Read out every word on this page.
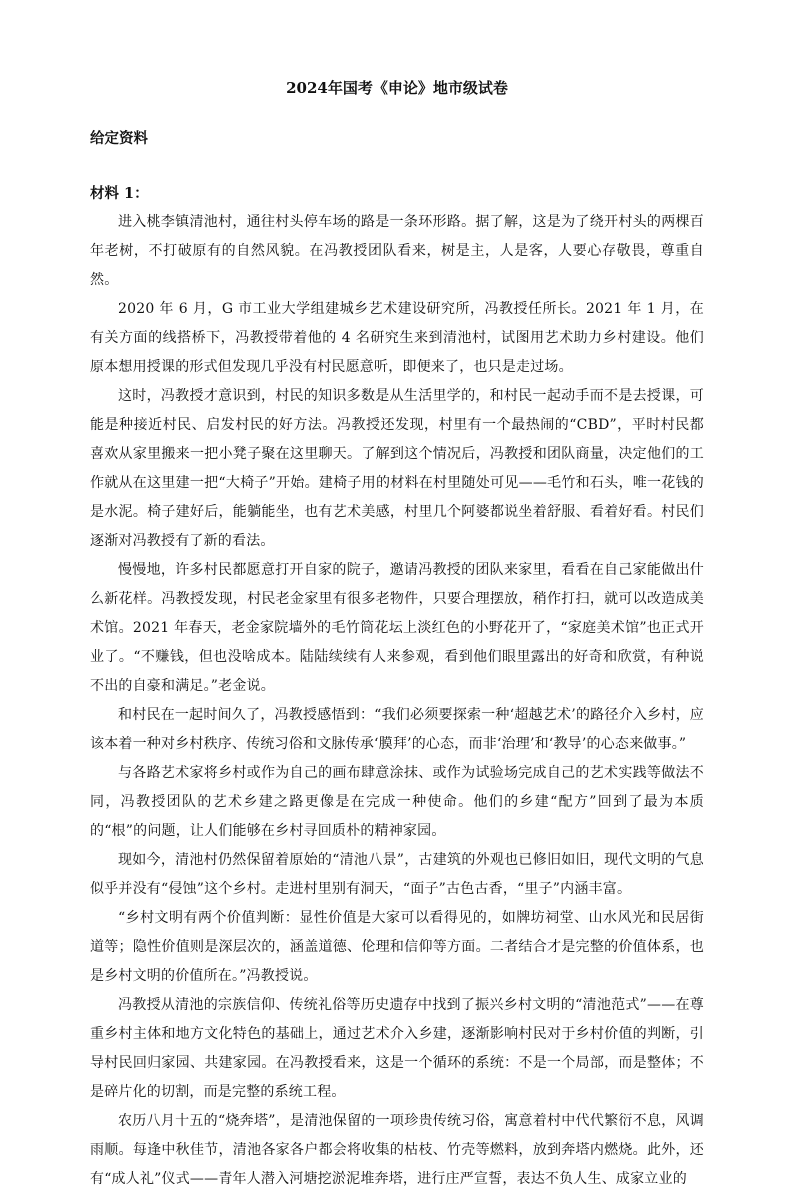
2024年国考《申论》地市级试卷
给定资料
材料 1：

进入桃李镇清池村，通往村头停车场的路是一条环形路。据了解，这是为了绕开村头的两棵百年老树，不打破原有的自然风貌。在冯教授团队看来，树是主，人是客，人要心存敬畏，尊重自然。

2020 年 6 月，G 市工业大学组建城乡艺术建设研究所，冯教授任所长。2021 年 1 月，在有关方面的线搭桥下，冯教授带着他的 4 名研究生来到清池村，试图用艺术助力乡村建设。他们原本想用授课的形式但发现几乎没有村民愿意听，即便来了，也只是走过场。

这时，冯教授才意识到，村民的知识多数是从生活里学的，和村民一起动手而不是去授课，可能是种接近村民、启发村民的好方法。冯教授还发现，村里有一个最热闹的“CBD”，平时村民都喜欢从家里搬来一把小凳子聚在这里聊天。了解到这个情况后，冯教授和团队商量，决定他们的工作就从在这里建一把“大椅子”开始。建椅子用的材料在村里随处可见——毛竹和石头，唯一花钱的是水泥。椅子建好后，能躺能坐，也有艺术美感，村里几个阿婆都说坐着舒服、看着好看。村民们逐渐对冯教授有了新的看法。

慢慢地，许多村民都愿意打开自家的院子，邀请冯教授的团队来家里，看看在自己家能做出什么新花样。冯教授发现，村民老金家里有很多老物件，只要合理摆放，稍作打扫，就可以改造成美术馆。2021 年春天，老金家院墙外的毛竹筒花坛上淡红色的小野花开了，“家庭美术馆”也正式开业了。“不赚钱，但也没啥成本。陆陆续续有人来参观，看到他们眼里露出的好奇和欣赏，有种说不出的自豪和满足。”老金说。

和村民在一起时间久了，冯教授感悟到：“我们必须要探索一种‘超越艺术’的路径介入乡村，应该本着一种对乡村秩序、传统习俗和文脉传承‘膜拜’的心态，而非‘治理’和‘教导’的心态来做事。”

与各路艺术家将乡村或作为自己的画布肆意涂抹、或作为试验场完成自己的艺术实践等做法不同，冯教授团队的艺术乡建之路更像是在完成一种使命。他们的乡建“配方”回到了最为本质的“根”的问题，让人们能够在乡村寻回质朴的精神家园。

现如今，清池村仍然保留着原始的“清池八景”，古建筑的外观也已修旧如旧，现代文明的气息似乎并没有“侵蚀”这个乡村。走进村里别有洞天，“面子”古色古香，“里子”内涵丰富。

“乡村文明有两个价值判断：显性价值是大家可以看得见的，如牌坊祠堂、山水风光和民居街道等；隐性价值则是深层次的，涵盖道德、伦理和信仰等方面。二者结合才是完整的价值体系，也是乡村文明的价值所在。”冯教授说。

冯教授从清池的宗族信仰、传统礼俗等历史遗存中找到了振兴乡村文明的“清池范式”——在尊重乡村主体和地方文化特色的基础上，通过艺术介入乡建，逐渐影响村民对于乡村价值的判断，引导村民回归家园、共建家园。在冯教授看来，这是一个循环的系统：不是一个局部，而是整体；不是碎片化的切割，而是完整的系统工程。

农历八月十五的“烧奔塔”，是清池保留的一项珍贵传统习俗，寓意着村中代代繁衍不息，风调雨顺。每逢中秋佳节，清池各家各户都会将收集的枯枝、竹壳等燃料，放到奔塔内燃烧。此外，还有“成人礼”仪式——青年人潜入河塘挖淤泥堆奔塔，进行庄严宣誓，表达不负人生、成家立业的
